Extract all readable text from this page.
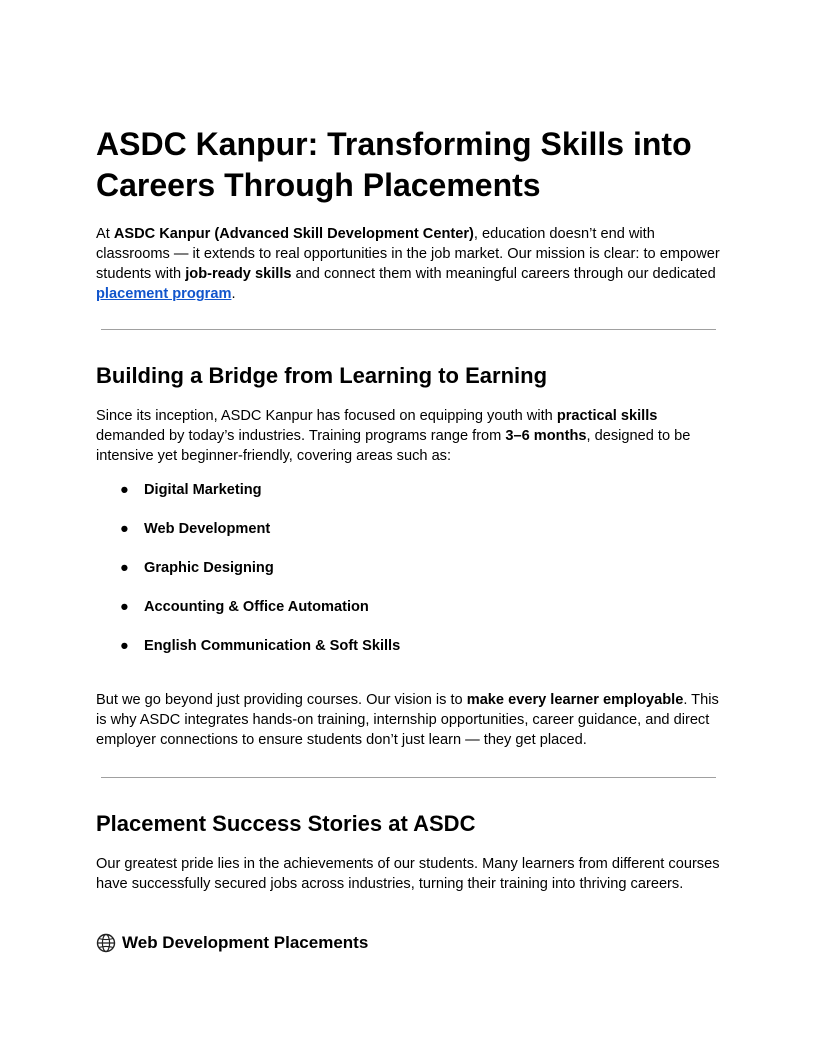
ASDC Kanpur: Transforming Skills into Careers Through Placements

At ASDC Kanpur (Advanced Skill Development Center), education doesn’t end with classrooms — it extends to real opportunities in the job market. Our mission is clear: to empower students with job-ready skills and connect them with meaningful careers through our dedicated placement program.

Building a Bridge from Learning to Earning

Since its inception, ASDC Kanpur has focused on equipping youth with practical skills demanded by today’s industries. Training programs range from 3–6 months, designed to be intensive yet beginner-friendly, covering areas such as:

● Digital Marketing
● Web Development
● Graphic Designing
● Accounting & Office Automation
● English Communication & Soft Skills

But we go beyond just providing courses. Our vision is to make every learner employable. This is why ASDC integrates hands-on training, internship opportunities, career guidance, and direct employer connections to ensure students don’t just learn — they get placed.

Placement Success Stories at ASDC

Our greatest pride lies in the achievements of our students. Many learners from different courses have successfully secured jobs across industries, turning their training into thriving careers.

Web Development Placements
